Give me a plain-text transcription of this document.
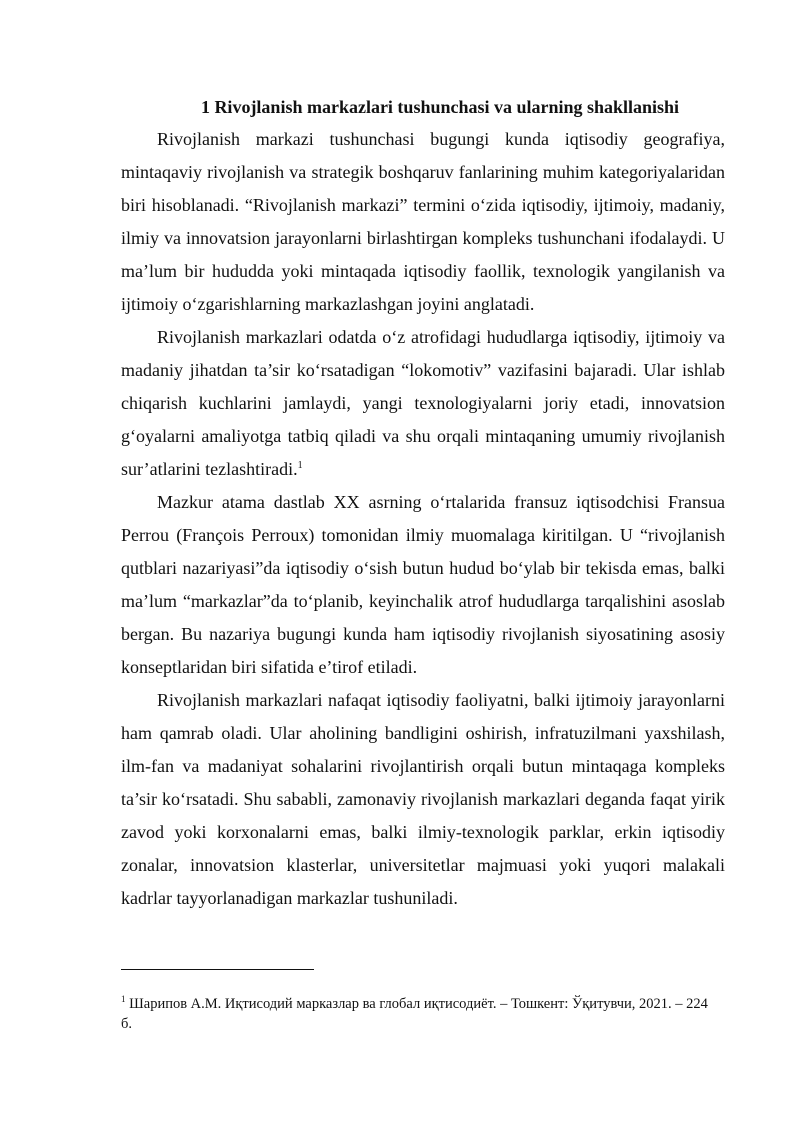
1 Rivojlanish markazlari tushunchasi va ularning shakllanishi

Rivojlanish markazi tushunchasi bugungi kunda iqtisodiy geografiya, mintaqaviy rivojlanish va strategik boshqaruv fanlarining muhim kategoriyalaridan biri hisoblanadi. “Rivojlanish markazi” termini o‘zida iqtisodiy, ijtimoiy, madaniy, ilmiy va innovatsion jarayonlarni birlashtirgan kompleks tushunchani ifodalaydi. U ma’lum bir hududda yoki mintaqada iqtisodiy faollik, texnologik yangilanish va ijtimoiy o‘zgarishlarning markazlashgan joyini anglatadi.

Rivojlanish markazlari odatda o‘z atrofidagi hududlarga iqtisodiy, ijtimoiy va madaniy jihatdan ta’sir ko‘rsatadigan “lokomotiv” vazifasini bajaradi. Ular ishlab chiqarish kuchlarini jamlaydi, yangi texnologiyalarni joriy etadi, innovatsion g‘oyalarni amaliyotga tatbiq qiladi va shu orqali mintaqaning umumiy rivojlanish sur’atlarini tezlashtiradi.$^1$

Mazkur atama dastlab XX asrning o‘rtalarida fransuz iqtisodchisi Fransua Perrou (François Perroux) tomonidan ilmiy muomalaga kiritilgan. U “rivojlanish qutblari nazariyasi”da iqtisodiy o‘sish butun hudud bo‘ylab bir tekisda emas, balki ma’lum “markazlar”da to‘planib, keyinchalik atrof hududlarga tarqalishini asoslab bergan. Bu nazariya bugungi kunda ham iqtisodiy rivojlanish siyosatining asosiy konseptlaridan biri sifatida e’tirof etiladi.

Rivojlanish markazlari nafaqat iqtisodiy faoliyatni, balki ijtimoiy jarayonlarni ham qamrab oladi. Ular aholining bandligini oshirish, infratuzilmani yaxshilash, ilm-fan va madaniyat sohalarini rivojlantirish orqali butun mintaqaga kompleks ta’sir ko‘rsatadi. Shu sababli, zamonaviy rivojlanish markazlari deganda faqat yirik zavod yoki korxonalarni emas, balki ilmiy-texnologik parklar, erkin iqtisodiy zonalar, innovatsion klasterlar, universitetlar majmuasi yoki yuqori malakali kadrlar tayyorlanadigan markazlar tushuniladi.

$^1$ Шарипов А.М. Иқтисодий марказлар ва глобал иқтисодиёт. – Тошкент: Ўқитувчи, 2021. – 224 б.
